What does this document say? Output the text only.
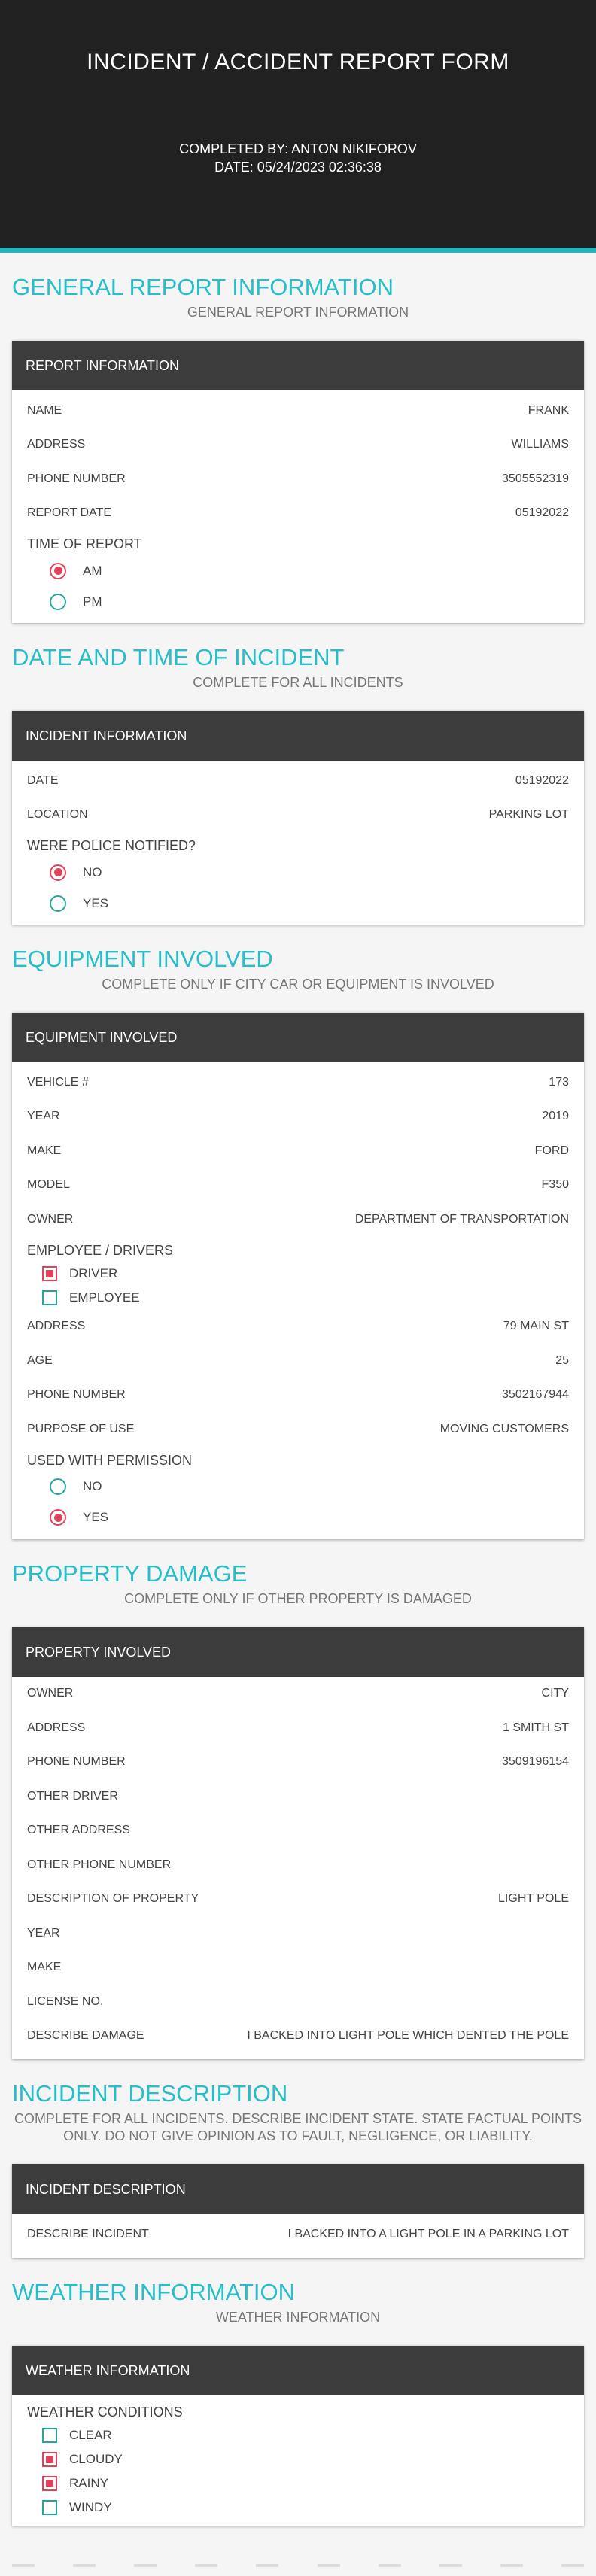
INCIDENT / ACCIDENT REPORT FORM
COMPLETED BY: ANTON NIKIFOROV
DATE: 05/24/2023 02:36:38
GENERAL REPORT INFORMATION
GENERAL REPORT INFORMATION
REPORT INFORMATION
NAME	FRANK
ADDRESS	WILLIAMS
PHONE NUMBER	3505552319
REPORT DATE	05192022
TIME OF REPORT
AM
PM
DATE AND TIME OF INCIDENT
COMPLETE FOR ALL INCIDENTS
INCIDENT INFORMATION
DATE	05192022
LOCATION	PARKING LOT
WERE POLICE NOTIFIED?
NO
YES
EQUIPMENT INVOLVED
COMPLETE ONLY IF CITY CAR OR EQUIPMENT IS INVOLVED
EQUIPMENT INVOLVED
VEHICLE #	173
YEAR	2019
MAKE	FORD
MODEL	F350
OWNER	DEPARTMENT OF TRANSPORTATION
EMPLOYEE / DRIVERS
DRIVER
EMPLOYEE
ADDRESS	79 MAIN ST
AGE	25
PHONE NUMBER	3502167944
PURPOSE OF USE	MOVING CUSTOMERS
USED WITH PERMISSION
NO
YES
PROPERTY DAMAGE
COMPLETE ONLY IF OTHER PROPERTY IS DAMAGED
PROPERTY INVOLVED
OWNER	CITY
ADDRESS	1 SMITH ST
PHONE NUMBER	3509196154
OTHER DRIVER
OTHER ADDRESS
OTHER PHONE NUMBER
DESCRIPTION OF PROPERTY	LIGHT POLE
YEAR
MAKE
LICENSE NO.
DESCRIBE DAMAGE	I BACKED INTO LIGHT POLE WHICH DENTED THE POLE
INCIDENT DESCRIPTION
COMPLETE FOR ALL INCIDENTS. DESCRIBE INCIDENT STATE. STATE FACTUAL POINTS ONLY. DO NOT GIVE OPINION AS TO FAULT, NEGLIGENCE, OR LIABILITY.
INCIDENT DESCRIPTION
DESCRIBE INCIDENT	I BACKED INTO A LIGHT POLE IN A PARKING LOT
WEATHER INFORMATION
WEATHER INFORMATION
WEATHER INFORMATION
WEATHER CONDITIONS
CLEAR
CLOUDY
RAINY
WINDY
